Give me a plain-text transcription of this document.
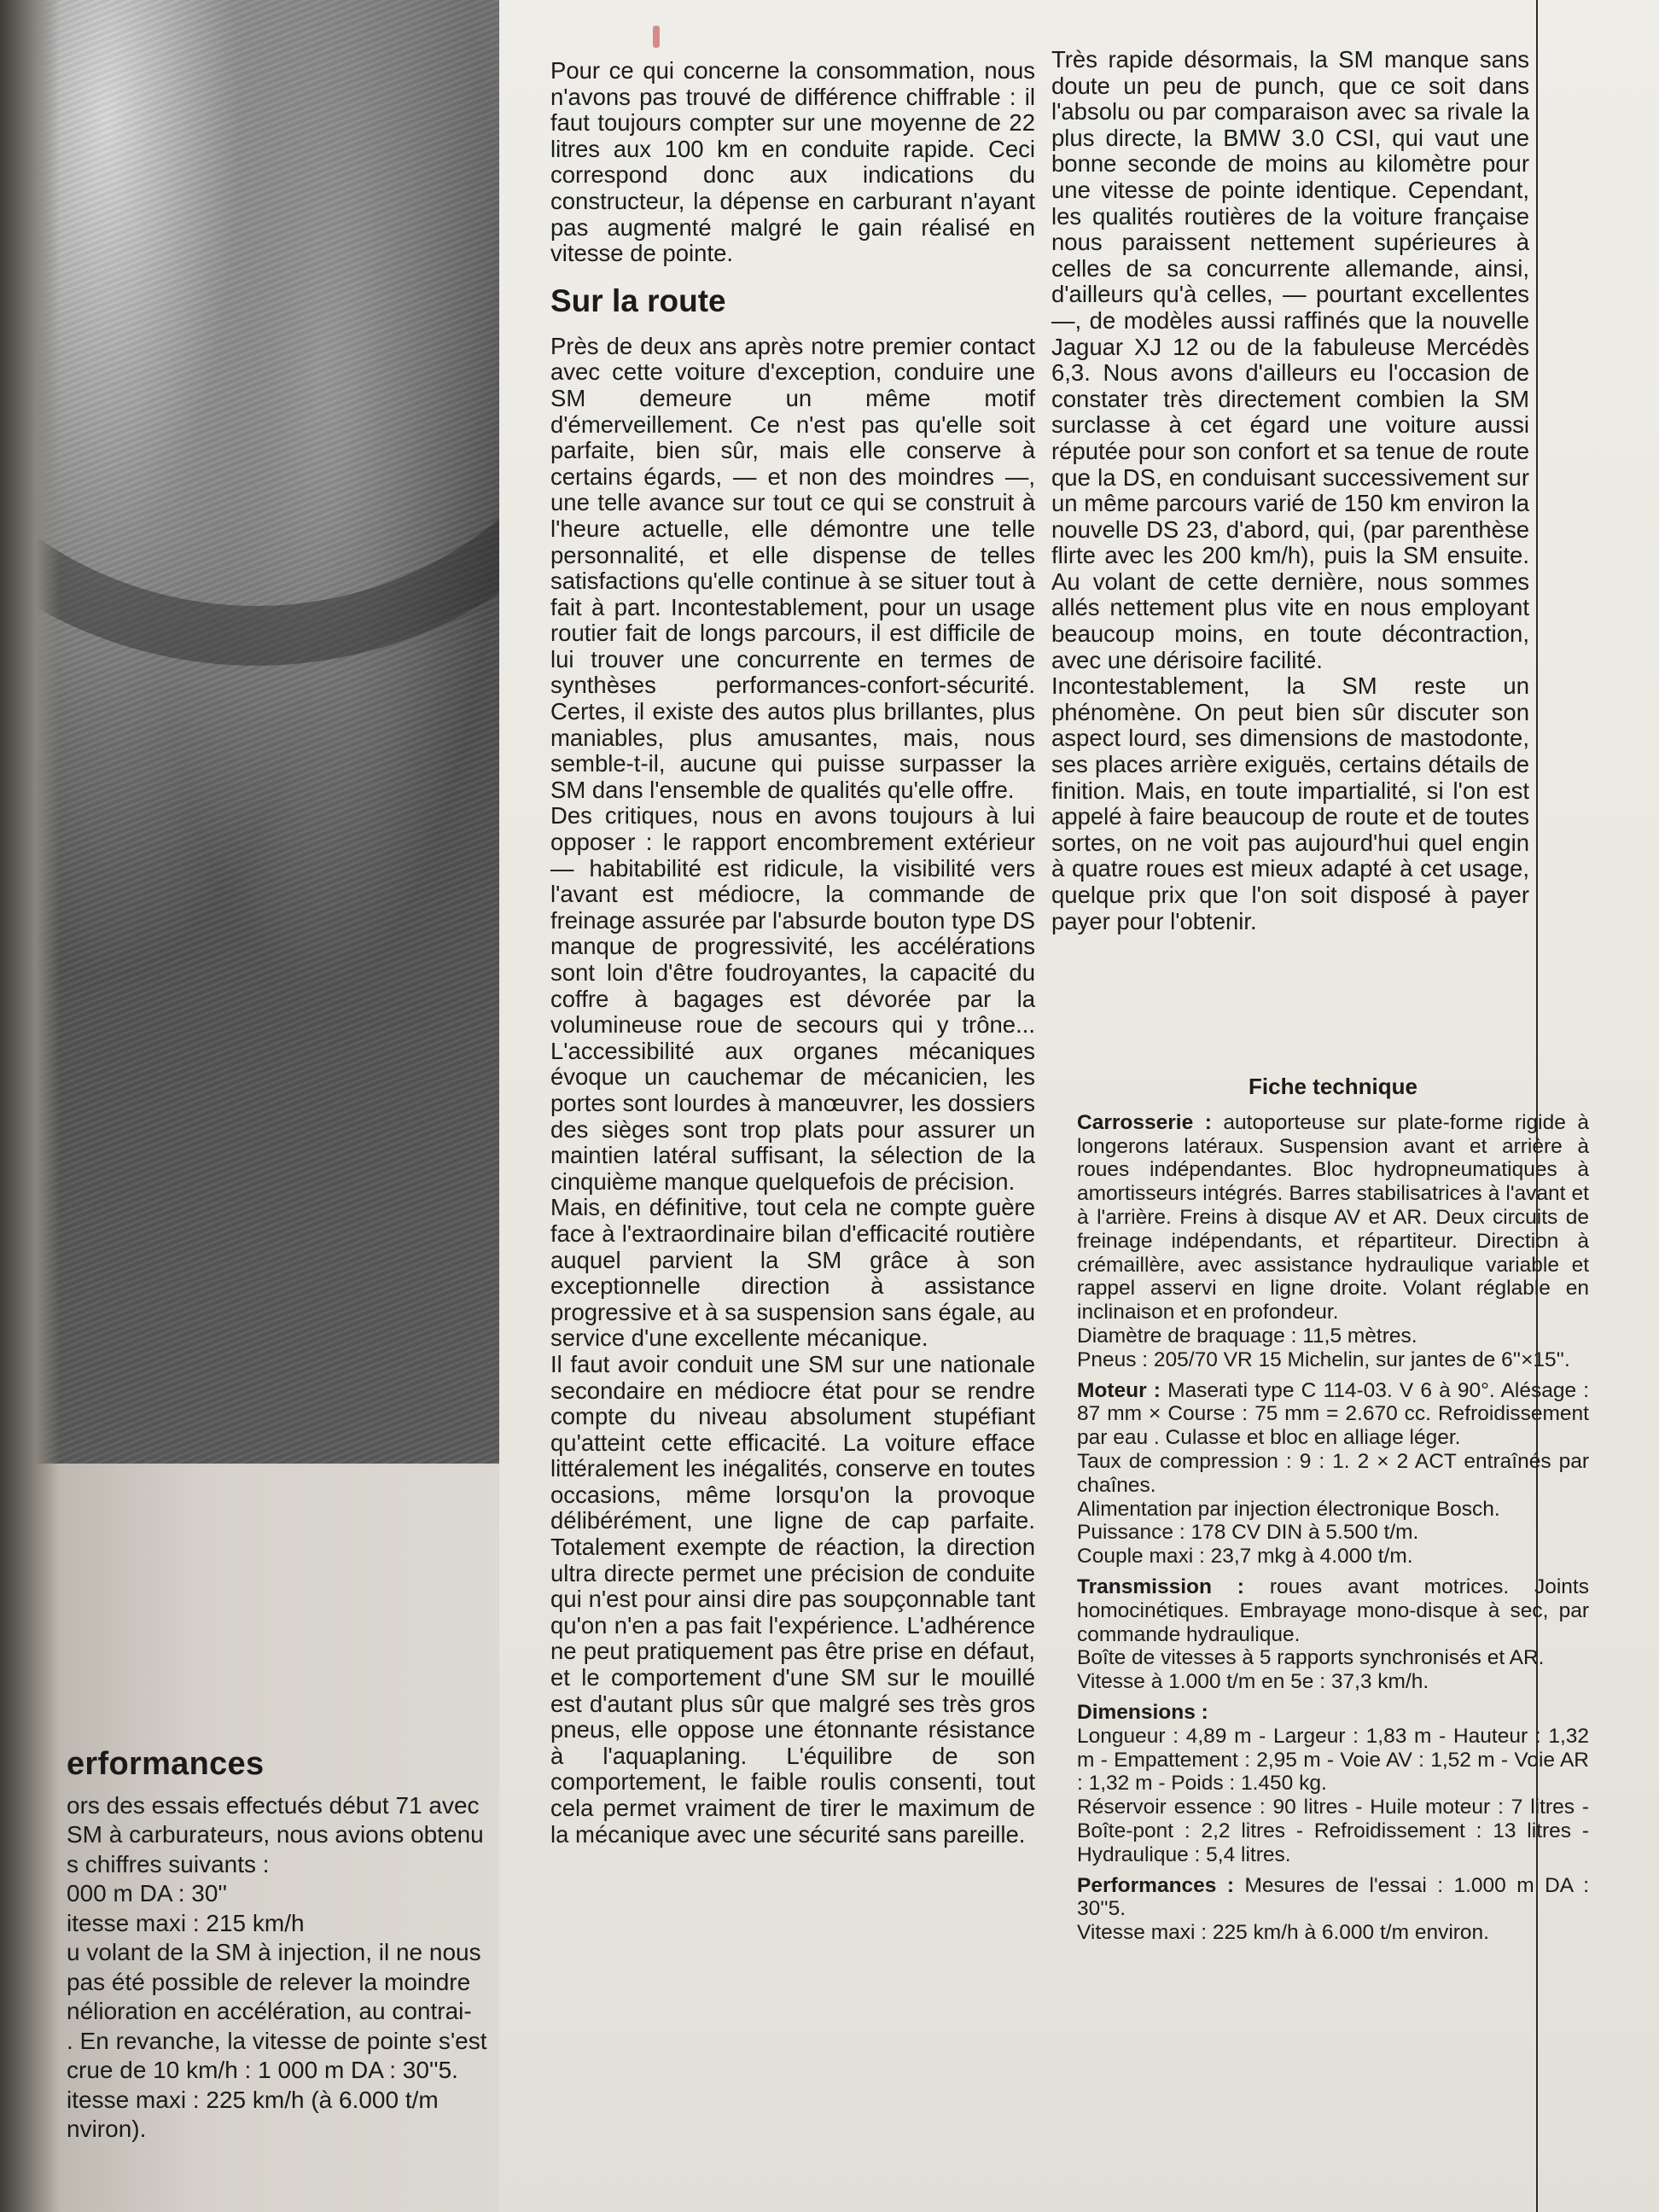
erformances

ors des essais effectués début 71 avec
SM à carburateurs, nous avions obtenu
s chiffres suivants :
000 m DA : 30''
itesse maxi : 215 km/h
u volant de la SM à injection, il ne nous
pas été possible de relever la moindre
nélioration en accélération, au contrai-
. En revanche, la vitesse de pointe s'est
crue de 10 km/h : 1 000 m DA : 30''5.
itesse maxi : 225 km/h (à 6.000 t/m
nviron).

Pour ce qui concerne la consommation, nous n'avons pas trouvé de différence chiffrable : il faut toujours compter sur une moyenne de 22 litres aux 100 km en conduite rapide. Ceci correspond donc aux indications du constructeur, la dépense en carburant n'ayant pas augmenté malgré le gain réalisé en vitesse de pointe.

Sur la route

Près de deux ans après notre premier contact avec cette voiture d'exception, conduire une SM demeure un même motif d'émerveillement. Ce n'est pas qu'elle soit parfaite, bien sûr, mais elle conserve à certains égards, — et non des moindres —, une telle avance sur tout ce qui se construit à l'heure actuelle, elle démontre une telle personnalité, et elle dispense de telles satisfactions qu'elle continue à se situer tout à fait à part. Incontestablement, pour un usage routier fait de longs parcours, il est difficile de lui trouver une concurrente en termes de synthèses performances-confort-sécurité. Certes, il existe des autos plus brillantes, plus maniables, plus amusantes, mais, nous semble-t-il, aucune qui puisse surpasser la SM dans l'ensemble de qualités qu'elle offre.

Des critiques, nous en avons toujours à lui opposer : le rapport encombrement extérieur — habitabilité est ridicule, la visibilité vers l'avant est médiocre, la commande de freinage assurée par l'absurde bouton type DS manque de progressivité, les accélérations sont loin d'être foudroyantes, la capacité du coffre à bagages est dévorée par la volumineuse roue de secours qui y trône... L'accessibilité aux organes mécaniques évoque un cauchemar de mécanicien, les portes sont lourdes à manœuvrer, les dossiers des sièges sont trop plats pour assurer un maintien latéral suffisant, la sélection de la cinquième manque quelquefois de précision.

Mais, en définitive, tout cela ne compte guère face à l'extraordinaire bilan d'efficacité routière auquel parvient la SM grâce à son exceptionnelle direction à assistance progressive et à sa suspension sans égale, au service d'une excellente mécanique.

Il faut avoir conduit une SM sur une nationale secondaire en médiocre état pour se rendre compte du niveau absolument stupéfiant qu'atteint cette efficacité. La voiture efface littéralement les inégalités, conserve en toutes occasions, même lorsqu'on la provoque délibérément, une ligne de cap parfaite. Totalement exempte de réaction, la direction ultra directe permet une précision de conduite qui n'est pour ainsi dire pas soupçonnable tant qu'on n'en a pas fait l'expérience. L'adhérence ne peut pratiquement pas être prise en défaut, et le comportement d'une SM sur le mouillé est d'autant plus sûr que malgré ses très gros pneus, elle oppose une étonnante résistance à l'aquaplaning. L'équilibre de son comportement, le faible roulis consenti, tout cela permet vraiment de tirer le maximum de la mécanique avec une sécurité sans pareille.

Très rapide désormais, la SM manque sans doute un peu de punch, que ce soit dans l'absolu ou par comparaison avec sa rivale la plus directe, la BMW 3.0 CSI, qui vaut une bonne seconde de moins au kilomètre pour une vitesse de pointe identique. Cependant, les qualités routières de la voiture française nous paraissent nettement supérieures à celles de sa concurrente allemande, ainsi, d'ailleurs qu'à celles, — pourtant excellentes —, de modèles aussi raffinés que la nouvelle Jaguar XJ 12 ou de la fabuleuse Mercédès 6,3. Nous avons d'ailleurs eu l'occasion de constater très directement combien la SM surclasse à cet égard une voiture aussi réputée pour son confort et sa tenue de route que la DS, en conduisant successivement sur un même parcours varié de 150 km environ la nouvelle DS 23, d'abord, qui, (par parenthèse flirte avec les 200 km/h), puis la SM ensuite. Au volant de cette dernière, nous sommes allés nettement plus vite en nous employant beaucoup moins, en toute décontraction, avec une dérisoire facilité.

Incontestablement, la SM reste un phénomène. On peut bien sûr discuter son aspect lourd, ses dimensions de mastodonte, ses places arrière exiguës, certains détails de finition. Mais, en toute impartialité, si l'on est appelé à faire beaucoup de route et de toutes sortes, on ne voit pas aujourd'hui quel engin à quatre roues est mieux adapté à cet usage, quelque prix que l'on soit disposé à payer payer pour l'obtenir.

Fiche technique

Carrosserie : autoporteuse sur plate-forme rigide à longerons latéraux. Suspension avant et arrière à roues indépendantes. Bloc hydropneumatiques à amortisseurs intégrés. Barres stabilisatrices à l'avant et à l'arrière. Freins à disque AV et AR. Deux circuits de freinage indépendants, et répartiteur. Direction à crémaillère, avec assistance hydraulique variable et rappel asservi en ligne droite. Volant réglable en inclinaison et en profondeur.

Diamètre de braquage : 11,5 mètres.

Pneus : 205/70 VR 15 Michelin, sur jantes de 6''×15''.

Moteur : Maserati type C 114-03. V 6 à 90°. Alésage : 87 mm × Course : 75 mm = 2.670 cc. Refroidissement par eau . Culasse et bloc en alliage léger.

Taux de compression : 9 : 1. 2 × 2 ACT entraînés par chaînes.

Alimentation par injection électronique Bosch.

Puissance : 178 CV DIN à 5.500 t/m.

Couple maxi : 23,7 mkg à 4.000 t/m.

Transmission : roues avant motrices. Joints homocinétiques. Embrayage mono-disque à sec, par commande hydraulique.

Boîte de vitesses à 5 rapports synchronisés et AR.

Vitesse à 1.000 t/m en 5e : 37,3 km/h.

Dimensions :
Longueur : 4,89 m - Largeur : 1,83 m - Hauteur : 1,32 m - Empattement : 2,95 m - Voie AV : 1,52 m - Voie AR : 1,32 m - Poids : 1.450 kg.

Réservoir essence : 90 litres - Huile moteur : 7 litres - Boîte-pont : 2,2 litres - Refroidissement : 13 litres - Hydraulique : 5,4 litres.

Performances : Mesures de l'essai : 1.000 m DA : 30''5.

Vitesse maxi : 225 km/h à 6.000 t/m environ.
